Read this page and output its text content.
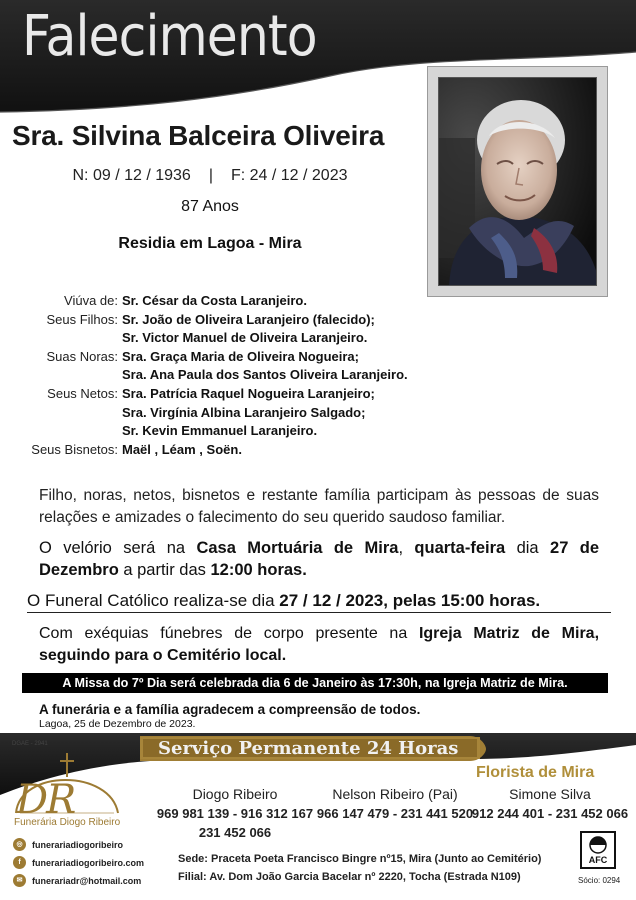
Falecimento
Sra. Silvina Balceira Oliveira
N: 09 / 12 / 1936 | F: 24 / 12 / 2023
87 Anos
Residia em Lagoa - Mira
Viúva de: Sr. César da Costa Laranjeiro.
Seus Filhos: Sr. João de Oliveira Laranjeiro (falecido);
Sr. Victor Manuel de Oliveira Laranjeiro.
Suas Noras: Sra. Graça Maria de Oliveira Nogueira;
Sra. Ana Paula dos Santos Oliveira Laranjeiro.
Seus Netos: Sra. Patrícia Raquel Nogueira Laranjeiro;
Sra. Virgínia Albina Laranjeiro Salgado;
Sr. Kevin Emmanuel Laranjeiro.
Seus Bisnetos: Maël , Léam , Soën.
Filho, noras, netos, bisnetos e restante família participam às pessoas de suas relações e amizades o falecimento do seu querido saudoso familiar.
O velório será na Casa Mortuária de Mira, quarta-feira dia 27 de Dezembro a partir das 12:00 horas.
O Funeral Católico realiza-se dia 27 / 12 / 2023, pelas 15:00 horas.
Com exéquias fúnebres de corpo presente na Igreja Matriz de Mira, seguindo para o Cemitério local.
A Missa do 7º Dia será celebrada dia 6 de Janeiro às 17:30h, na Igreja Matriz de Mira.
A funerária e a família agradecem a compreensão de todos.
Lagoa, 25 de Dezembro de 2023.
DGAE - 2941	Serviço Permanente 24 Horas
Florista de Mira
DR
Funerária Diogo Ribeiro
Diogo Ribeiro
969 981 139 - 916 312 167
231 452 066
Nelson Ribeiro (Pai)
966 147 479 - 231 441 520
Simone Silva
912 244 401 - 231 452 066
◎	funerariadiogoribeiro
f	funerariadiogoribeiro.com
✉	funerariadr@hotmail.com
Sede: Praceta Poeta Francisco Bingre nº15, Mira (Junto ao Cemitério)
Filial: Av. Dom João Garcia Bacelar nº 2220, Tocha (Estrada N109)
AFC
Sócio: 0294
